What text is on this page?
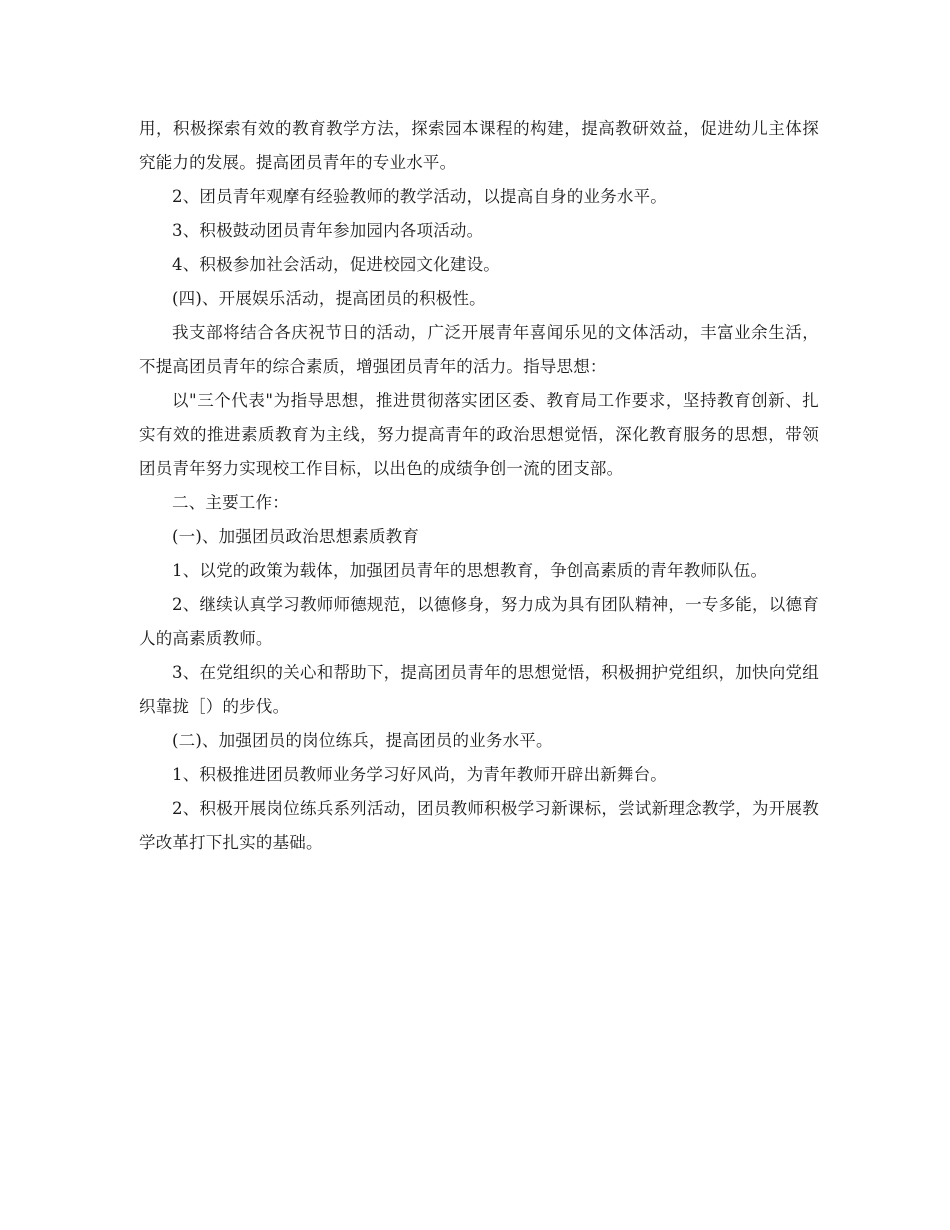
用，积极探索有效的教育教学方法，探索园本课程的构建，提高教研效益，促进幼儿主体探究能力的发展。提高团员青年的专业水平。

2、团员青年观摩有经验教师的教学活动，以提高自身的业务水平。

3、积极鼓动团员青年参加园内各项活动。

4、积极参加社会活动，促进校园文化建设。

(四)、开展娱乐活动，提高团员的积极性。

我支部将结合各庆祝节日的活动，广泛开展青年喜闻乐见的文体活动，丰富业余生活，不提高团员青年的综合素质，增强团员青年的活力。指导思想：

以"三个代表"为指导思想，推进贯彻落实团区委、教育局工作要求，坚持教育创新、扎实有效的推进素质教育为主线，努力提高青年的政治思想觉悟，深化教育服务的思想，带领团员青年努力实现校工作目标，以出色的成绩争创一流的团支部。

二、主要工作：

(一)、加强团员政治思想素质教育

1、以党的政策为载体，加强团员青年的思想教育，争创高素质的青年教师队伍。

2、继续认真学习教师师德规范，以德修身，努力成为具有团队精神，一专多能，以德育人的高素质教师。

3、在党组织的关心和帮助下，提高团员青年的思想觉悟，积极拥护党组织，加快向党组织靠拢［）的步伐。

(二)、加强团员的岗位练兵，提高团员的业务水平。

1、积极推进团员教师业务学习好风尚，为青年教师开辟出新舞台。

2、积极开展岗位练兵系列活动，团员教师积极学习新课标，尝试新理念教学，为开展教学改革打下扎实的基础。
